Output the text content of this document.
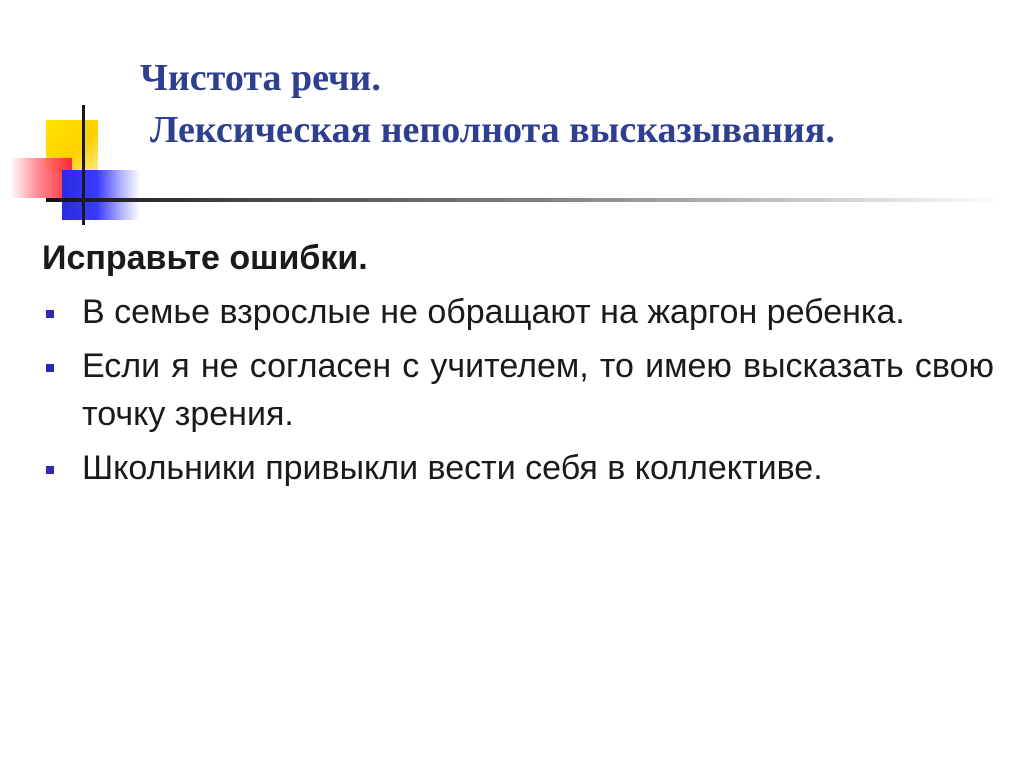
Чистота речи.
Лексическая неполнота высказывания.
Исправьте ошибки.
В семье взрослые не обращают на жаргон ребенка.
Если я не согласен с учителем, то имею высказать свою точку зрения.
Школьники привыкли вести себя в коллективе.
